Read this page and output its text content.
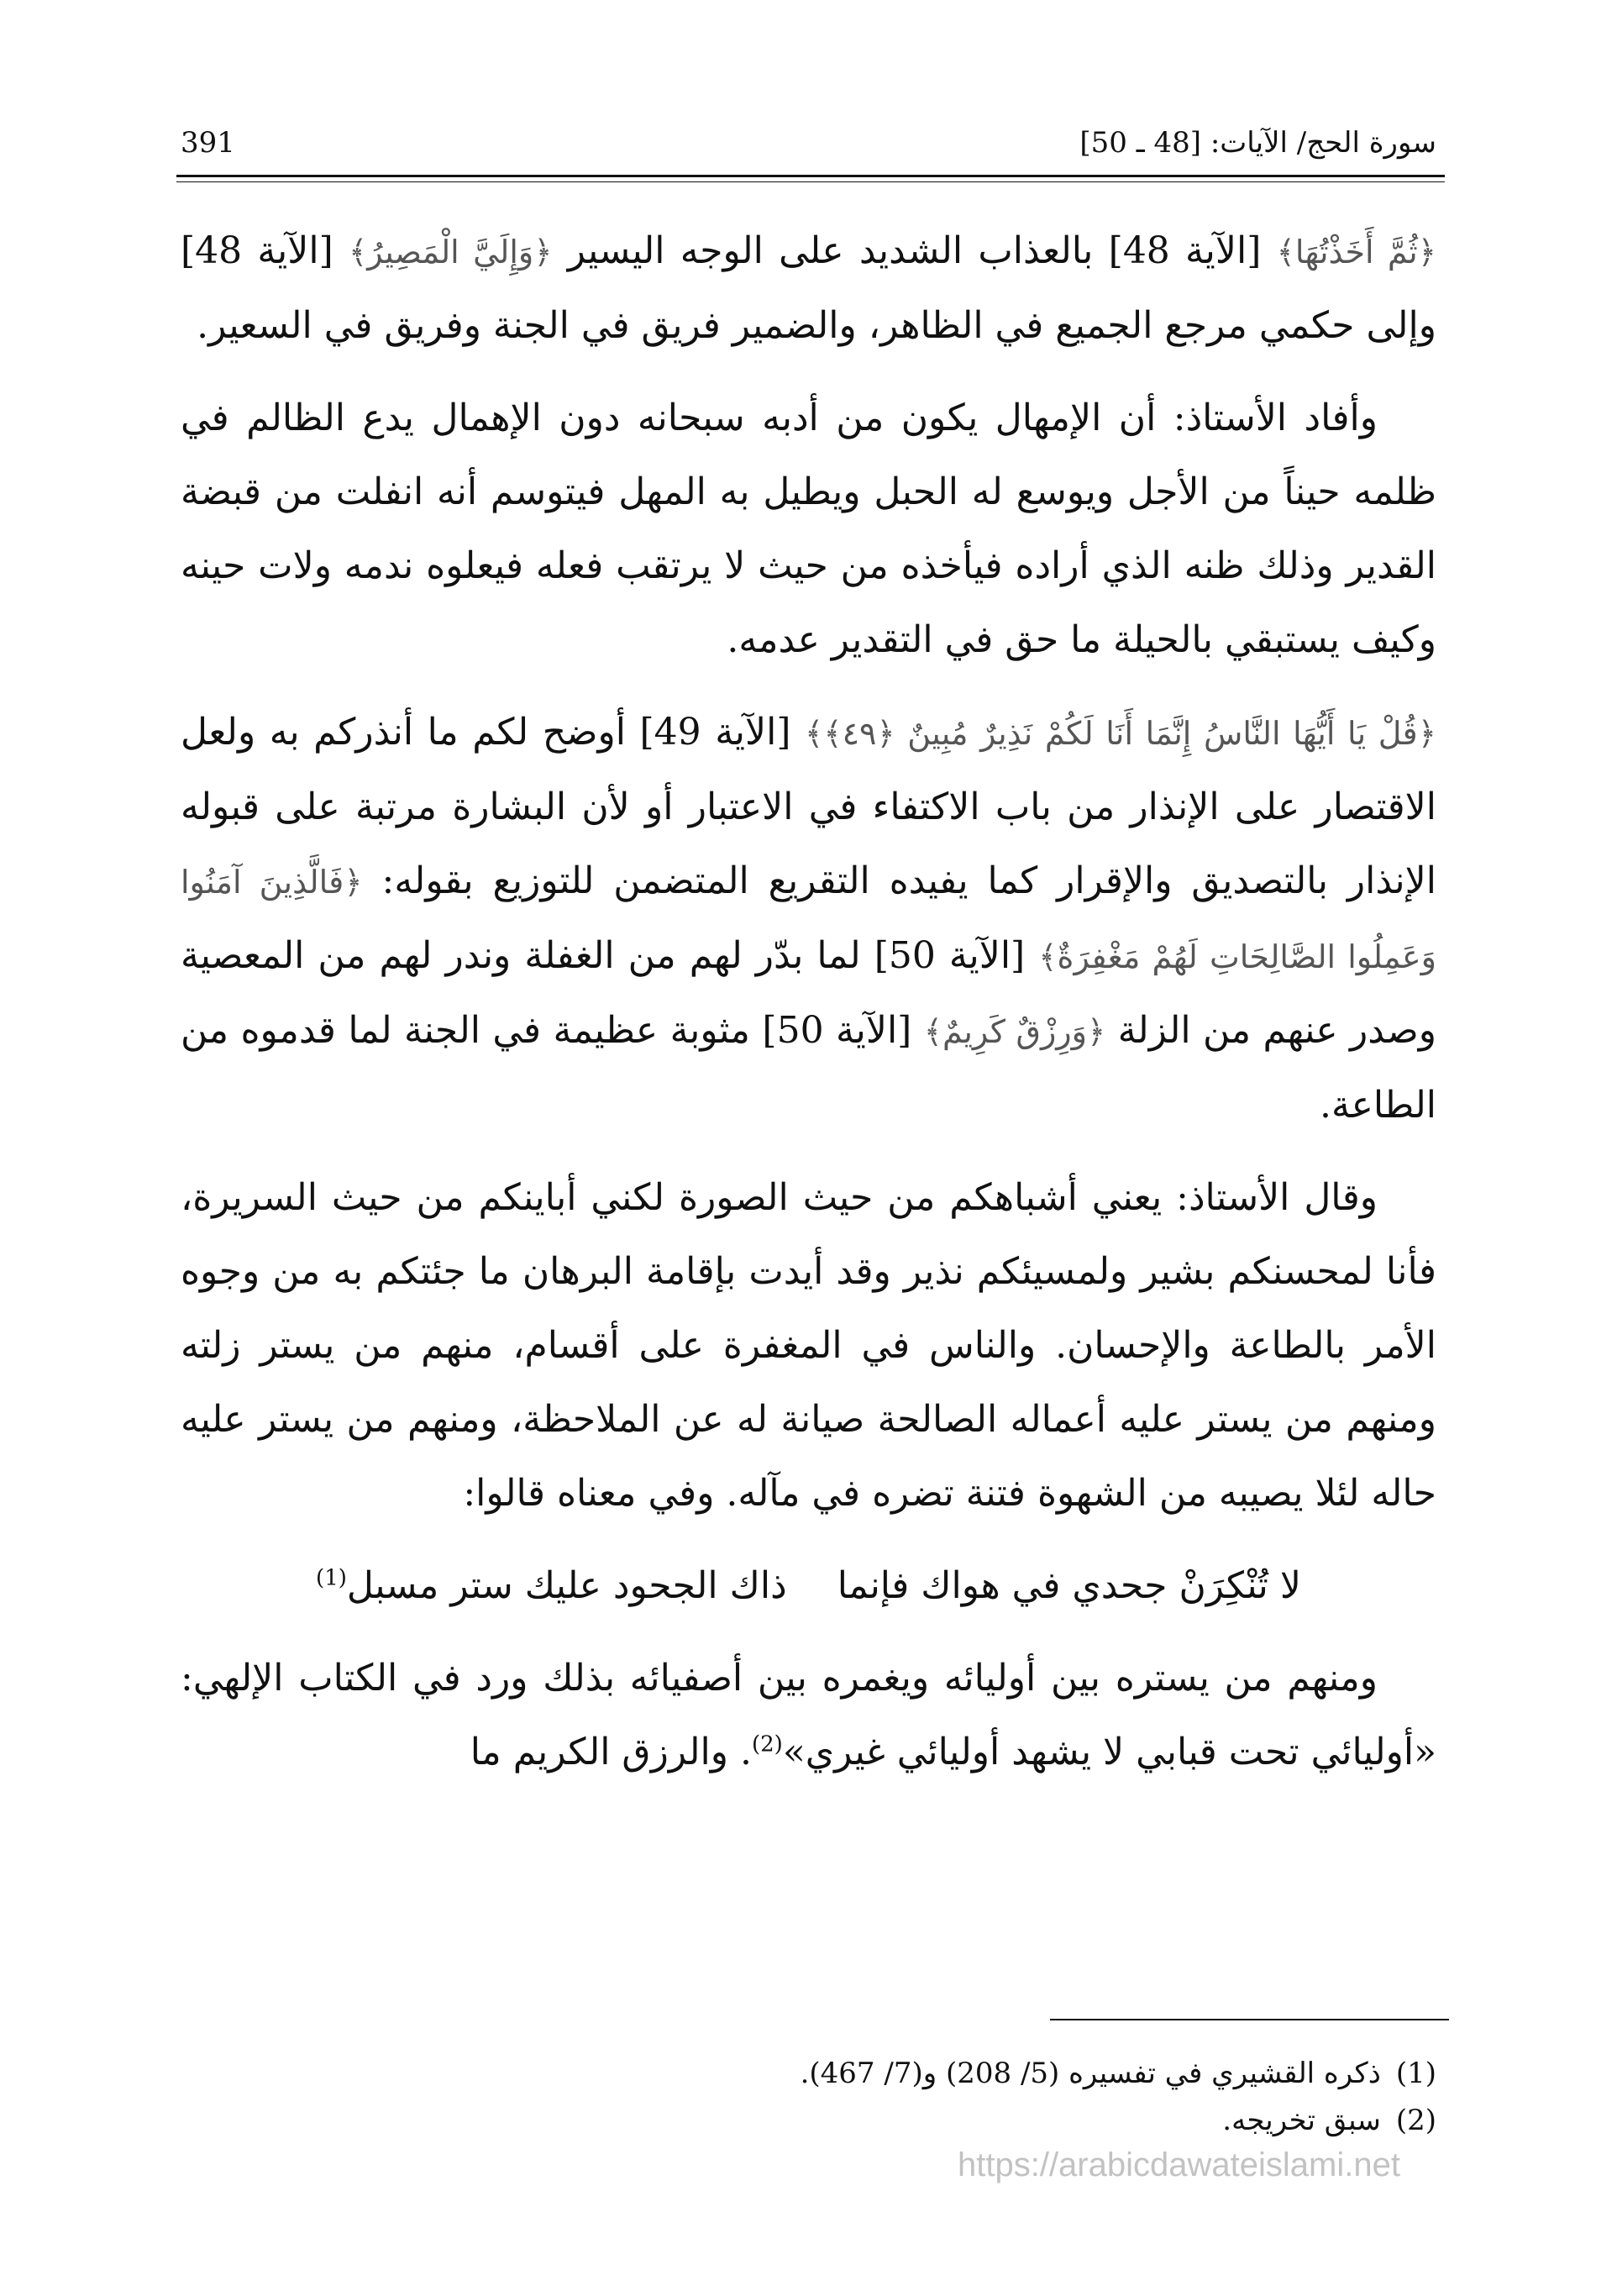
391	سورة الحج/ الآيات: [48 ـ 50]

﴿ثُمَّ أَخَذْتُهَا﴾ [الآية 48] بالعذاب الشديد على الوجه اليسير ﴿وَإِلَيَّ الْمَصِيرُ﴾ [الآية 48] وإلى حكمي مرجع الجميع في الظاهر، والضمير فريق في الجنة وفريق في السعير.

وأفاد الأستاذ: أن الإمهال يكون من أدبه سبحانه دون الإهمال يدع الظالم في ظلمه حيناً من الأجل ويوسع له الحبل ويطيل به المهل فيتوسم أنه انفلت من قبضة القدير وذلك ظنه الذي أراده فيأخذه من حيث لا يرتقب فعله فيعلوه ندمه ولات حينه وكيف يستبقي بالحيلة ما حق في التقدير عدمه.

﴿قُلْ يَا أَيُّهَا النَّاسُ إِنَّمَا أَنَا لَكُمْ نَذِيرٌ مُبِينٌ ﴿٤٩﴾﴾ [الآية 49] أوضح لكم ما أنذركم به ولعل الاقتصار على الإنذار من باب الاكتفاء في الاعتبار أو لأن البشارة مرتبة على قبوله الإنذار بالتصديق والإقرار كما يفيده التقريع المتضمن للتوزيع بقوله: ﴿فَالَّذِينَ آمَنُوا وَعَمِلُوا الصَّالِحَاتِ لَهُمْ مَغْفِرَةٌ﴾ [الآية 50] لما بدّر لهم من الغفلة وندر لهم من المعصية وصدر عنهم من الزلة ﴿وَرِزْقٌ كَرِيمٌ﴾ [الآية 50] مثوبة عظيمة في الجنة لما قدموه من الطاعة.

وقال الأستاذ: يعني أشباهكم من حيث الصورة لكني أباينكم من حيث السريرة، فأنا لمحسنكم بشير ولمسيئكم نذير وقد أيدت بإقامة البرهان ما جئتكم به من وجوه الأمر بالطاعة والإحسان. والناس في المغفرة على أقسام، منهم من يستر زلته ومنهم من يستر عليه أعماله الصالحة صيانة له عن الملاحظة، ومنهم من يستر عليه حاله لئلا يصيبه من الشهوة فتنة تضره في مآله. وفي معناه قالوا:

لا تُنْكِرَنْ جحدي في هواك فإنماذاك الجحود عليك ستر مسبل$^{(1)}$

ومنهم من يستره بين أوليائه ويغمره بين أصفيائه بذلك ورد في الكتاب الإلهي: «أوليائي تحت قبابي لا يشهد أوليائي غيري»$^{(2)}$. والرزق الكريم ما

(1)ذكره القشيري في تفسيره (5/ 208) و(7/ 467).

(2)سبق تخريجه.

https://arabicdawateislami.net
